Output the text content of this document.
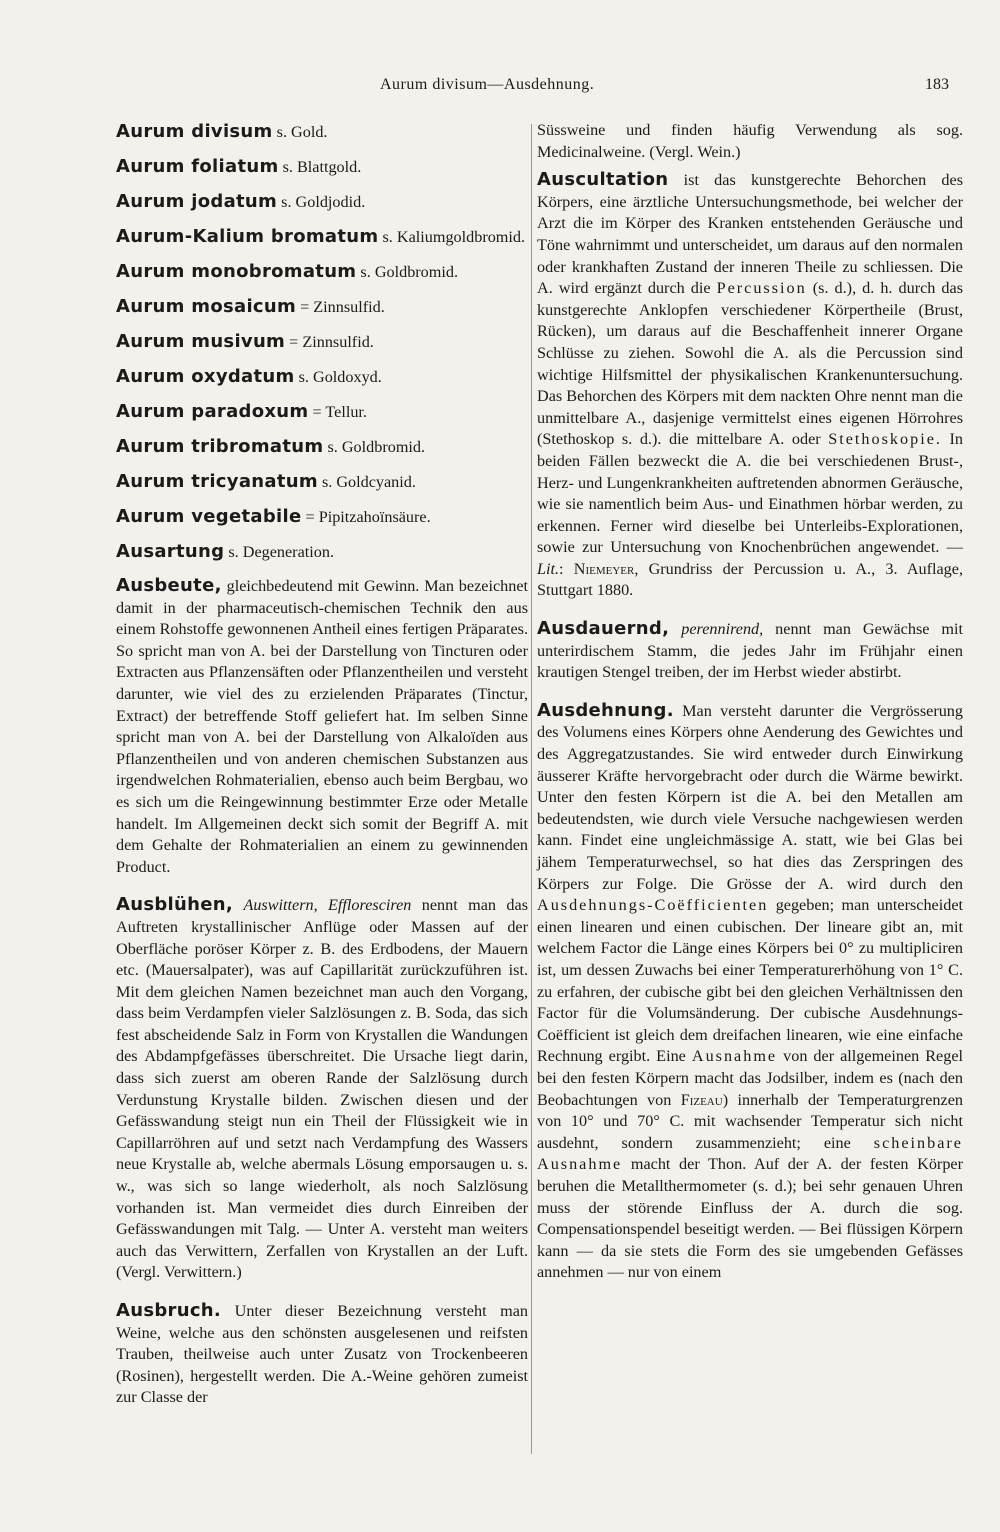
Aurum divisum—Ausdehnung.	183

Aurum divisum s. Gold.

Aurum foliatum s. Blattgold.

Aurum jodatum s. Goldjodid.

Aurum-Kalium bromatum s. Kaliumgoldbromid.

Aurum monobromatum s. Goldbromid.

Aurum mosaicum = Zinnsulfid.

Aurum musivum = Zinnsulfid.

Aurum oxydatum s. Goldoxyd.

Aurum paradoxum = Tellur.

Aurum tribromatum s. Goldbromid.

Aurum tricyanatum s. Goldcyanid.

Aurum vegetabile = Pipitzahoïnsäure.

Ausartung s. Degeneration.

Ausbeute, gleichbedeutend mit Gewinn. Man bezeichnet damit in der pharmaceutisch-chemischen Technik den aus einem Rohstoffe gewonnenen Antheil eines fertigen Präparates. So spricht man von A. bei der Darstellung von Tincturen oder Extracten aus Pflanzensäften oder Pflanzentheilen und versteht darunter, wie viel des zu erzielenden Präparates (Tinctur, Extract) der betreffende Stoff geliefert hat. Im selben Sinne spricht man von A. bei der Darstellung von Alkaloïden aus Pflanzentheilen und von anderen chemischen Substanzen aus irgendwelchen Rohmaterialien, ebenso auch beim Bergbau, wo es sich um die Reingewinnung bestimmter Erze oder Metalle handelt. Im Allgemeinen deckt sich somit der Begriff A. mit dem Gehalte der Rohmaterialien an einem zu gewinnenden Product.

Ausblühen, Auswittern, Effloresciren nennt man das Auftreten krystallinischer Anflüge oder Massen auf der Oberfläche poröser Körper z. B. des Erdbodens, der Mauern etc. (Mauersalpater), was auf Capillarität zurückzuführen ist. Mit dem gleichen Namen bezeichnet man auch den Vorgang, dass beim Verdampfen vieler Salzlösungen z. B. Soda, das sich fest abscheidende Salz in Form von Krystallen die Wandungen des Abdampfgefässes überschreitet. Die Ursache liegt darin, dass sich zuerst am oberen Rande der Salzlösung durch Verdunstung Krystalle bilden. Zwischen diesen und der Gefässwandung steigt nun ein Theil der Flüssigkeit wie in Capillarröhren auf und setzt nach Verdampfung des Wassers neue Krystalle ab, welche abermals Lösung emporsaugen u. s. w., was sich so lange wiederholt, als noch Salzlösung vorhanden ist. Man vermeidet dies durch Einreiben der Gefässwandungen mit Talg. — Unter A. versteht man weiters auch das Verwittern, Zerfallen von Krystallen an der Luft. (Vergl. Verwittern.)

Ausbruch. Unter dieser Bezeichnung versteht man Weine, welche aus den schönsten ausgelesenen und reifsten Trauben, theilweise auch unter Zusatz von Trockenbeeren (Rosinen), hergestellt werden. Die A.-Weine gehören zumeist zur Classe der

Süssweine und finden häufig Verwendung als sog. Medicinalweine. (Vergl. Wein.)

Auscultation ist das kunstgerechte Behorchen des Körpers, eine ärztliche Untersuchungsmethode, bei welcher der Arzt die im Körper des Kranken entstehenden Geräusche und Töne wahrnimmt und unterscheidet, um daraus auf den normalen oder krankhaften Zustand der inneren Theile zu schliessen. Die A. wird ergänzt durch die Percussion (s. d.), d. h. durch das kunstgerechte Anklopfen verschiedener Körpertheile (Brust, Rücken), um daraus auf die Beschaffenheit innerer Organe Schlüsse zu ziehen. Sowohl die A. als die Percussion sind wichtige Hilfsmittel der physikalischen Krankenuntersuchung. Das Behorchen des Körpers mit dem nackten Ohre nennt man die unmittelbare A., dasjenige vermittelst eines eigenen Hörrohres (Stethoskop s. d.). die mittelbare A. oder Stethoskopie. In beiden Fällen bezweckt die A. die bei verschiedenen Brust-, Herz- und Lungenkrankheiten auftretenden abnormen Geräusche, wie sie namentlich beim Aus- und Einathmen hörbar werden, zu erkennen. Ferner wird dieselbe bei Unterleibs-Explorationen, sowie zur Untersuchung von Knochenbrüchen angewendet. — Lit.: Niemeyer, Grundriss der Percussion u. A., 3. Auflage, Stuttgart 1880.

Ausdauernd, perennirend, nennt man Gewächse mit unterirdischem Stamm, die jedes Jahr im Frühjahr einen krautigen Stengel treiben, der im Herbst wieder abstirbt.

Ausdehnung. Man versteht darunter die Vergrösserung des Volumens eines Körpers ohne Aenderung des Gewichtes und des Aggregatzustandes. Sie wird entweder durch Einwirkung äusserer Kräfte hervorgebracht oder durch die Wärme bewirkt. Unter den festen Körpern ist die A. bei den Metallen am bedeutendsten, wie durch viele Versuche nachgewiesen werden kann. Findet eine ungleichmässige A. statt, wie bei Glas bei jähem Temperaturwechsel, so hat dies das Zerspringen des Körpers zur Folge. Die Grösse der A. wird durch den Ausdehnungs-Coëfficienten gegeben; man unterscheidet einen linearen und einen cubischen. Der lineare gibt an, mit welchem Factor die Länge eines Körpers bei 0° zu multipliciren ist, um dessen Zuwachs bei einer Temperaturerhöhung von 1° C. zu erfahren, der cubische gibt bei den gleichen Verhältnissen den Factor für die Volumsänderung. Der cubische Ausdehnungs-Coëfficient ist gleich dem dreifachen linearen, wie eine einfache Rechnung ergibt. Eine Ausnahme von der allgemeinen Regel bei den festen Körpern macht das Jodsilber, indem es (nach den Beobachtungen von Fizeau) innerhalb der Temperaturgrenzen von 10° und 70° C. mit wachsender Temperatur sich nicht ausdehnt, sondern zusammenzieht; eine scheinbare Ausnahme macht der Thon. Auf der A. der festen Körper beruhen die Metallthermometer (s. d.); bei sehr genauen Uhren muss der störende Einfluss der A. durch die sog. Compensationspendel beseitigt werden. — Bei flüssigen Körpern kann — da sie stets die Form des sie umgebenden Gefässes annehmen — nur von einem
